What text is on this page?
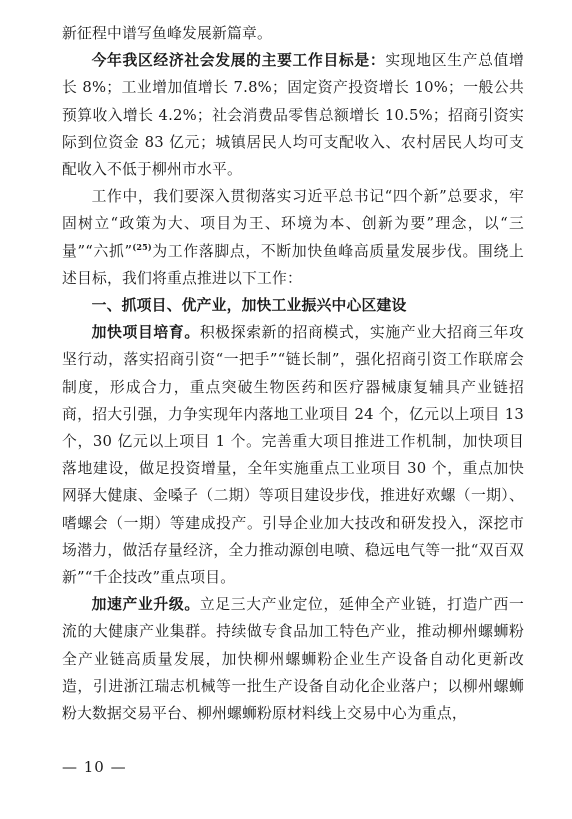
新征程中谱写鱼峰发展新篇章。

今年我区经济社会发展的主要工作目标是：实现地区生产总值增长 8%；工业增加值增长 7.8%；固定资产投资增长 10%；一般公共预算收入增长 4.2%；社会消费品零售总额增长 10.5%；招商引资实际到位资金 83 亿元；城镇居民人均可支配收入、农村居民人均可支配收入不低于柳州市水平。

工作中，我们要深入贯彻落实习近平总书记“四个新”总要求，牢固树立“政策为大、项目为王、环境为本、创新为要”理念，以“三量”“六抓”$^{(25)}$为工作落脚点，不断加快鱼峰高质量发展步伐。围绕上述目标，我们将重点推进以下工作：

一、抓项目、优产业，加快工业振兴中心区建设

加快项目培育。积极探索新的招商模式，实施产业大招商三年攻坚行动，落实招商引资“一把手”“链长制”，强化招商引资工作联席会制度，形成合力，重点突破生物医药和医疗器械康复辅具产业链招商，招大引强，力争实现年内落地工业项目 24 个，亿元以上项目 13 个，30 亿元以上项目 1 个。完善重大项目推进工作机制，加快项目落地建设，做足投资增量，全年实施重点工业项目 30 个，重点加快网驿大健康、金嗓子（二期）等项目建设步伐，推进好欢螺（一期）、嗜螺会（一期）等建成投产。引导企业加大技改和研发投入，深挖市场潜力，做活存量经济，全力推动源创电喷、稳远电气等一批“双百双新”“千企技改”重点项目。

加速产业升级。立足三大产业定位，延伸全产业链，打造广西一流的大健康产业集群。持续做专食品加工特色产业，推动柳州螺蛳粉全产业链高质量发展，加快柳州螺蛳粉企业生产设备自动化更新改造，引进浙江瑞志机械等一批生产设备自动化企业落户；以柳州螺蛳粉大数据交易平台、柳州螺蛳粉原材料线上交易中心为重点，

— 10 —
